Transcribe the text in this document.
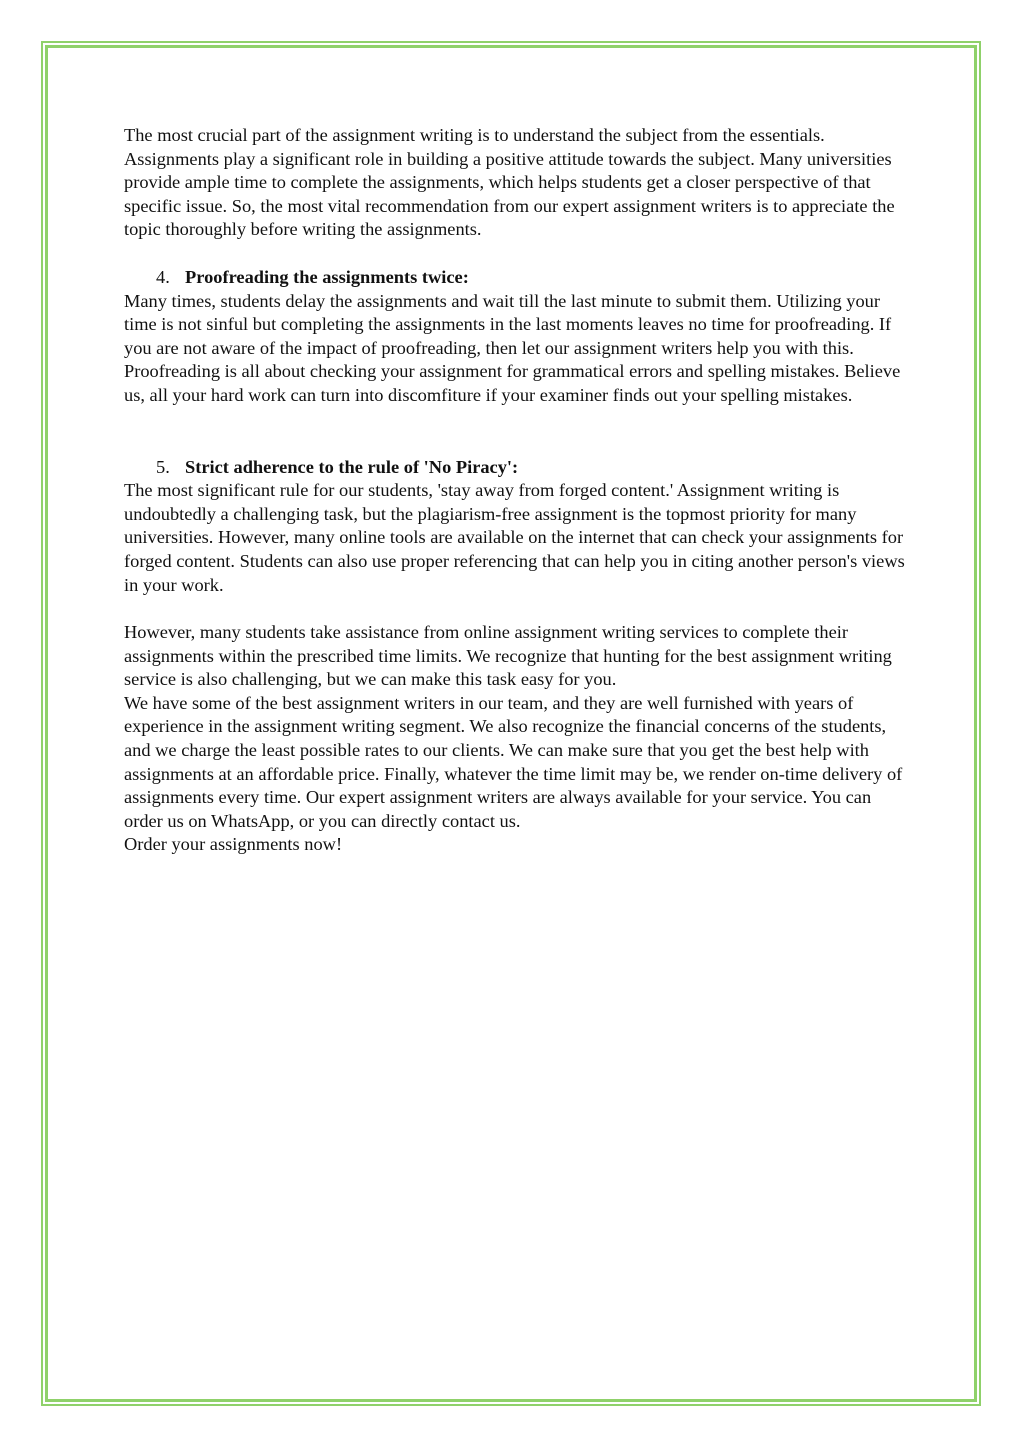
The most crucial part of the assignment writing is to understand the subject from the essentials. Assignments play a significant role in building a positive attitude towards the subject. Many universities provide ample time to complete the assignments, which helps students get a closer perspective of that specific issue. So, the most vital recommendation from our expert assignment writers is to appreciate the topic thoroughly before writing the assignments.

4. Proofreading the assignments twice:

Many times, students delay the assignments and wait till the last minute to submit them. Utilizing your time is not sinful but completing the assignments in the last moments leaves no time for proofreading. If you are not aware of the impact of proofreading, then let our assignment writers help you with this. Proofreading is all about checking your assignment for grammatical errors and spelling mistakes. Believe us, all your hard work can turn into discomfiture if your examiner finds out your spelling mistakes.

5. Strict adherence to the rule of 'No Piracy':

The most significant rule for our students, 'stay away from forged content.' Assignment writing is undoubtedly a challenging task, but the plagiarism-free assignment is the topmost priority for many universities. However, many online tools are available on the internet that can check your assignments for forged content. Students can also use proper referencing that can help you in citing another person's views in your work.

However, many students take assistance from online assignment writing services to complete their assignments within the prescribed time limits. We recognize that hunting for the best assignment writing service is also challenging, but we can make this task easy for you.

We have some of the best assignment writers in our team, and they are well furnished with years of experience in the assignment writing segment. We also recognize the financial concerns of the students, and we charge the least possible rates to our clients. We can make sure that you get the best help with assignments at an affordable price. Finally, whatever the time limit may be, we render on-time delivery of assignments every time. Our expert assignment writers are always available for your service. You can order us on WhatsApp, or you can directly contact us.

Order your assignments now!
